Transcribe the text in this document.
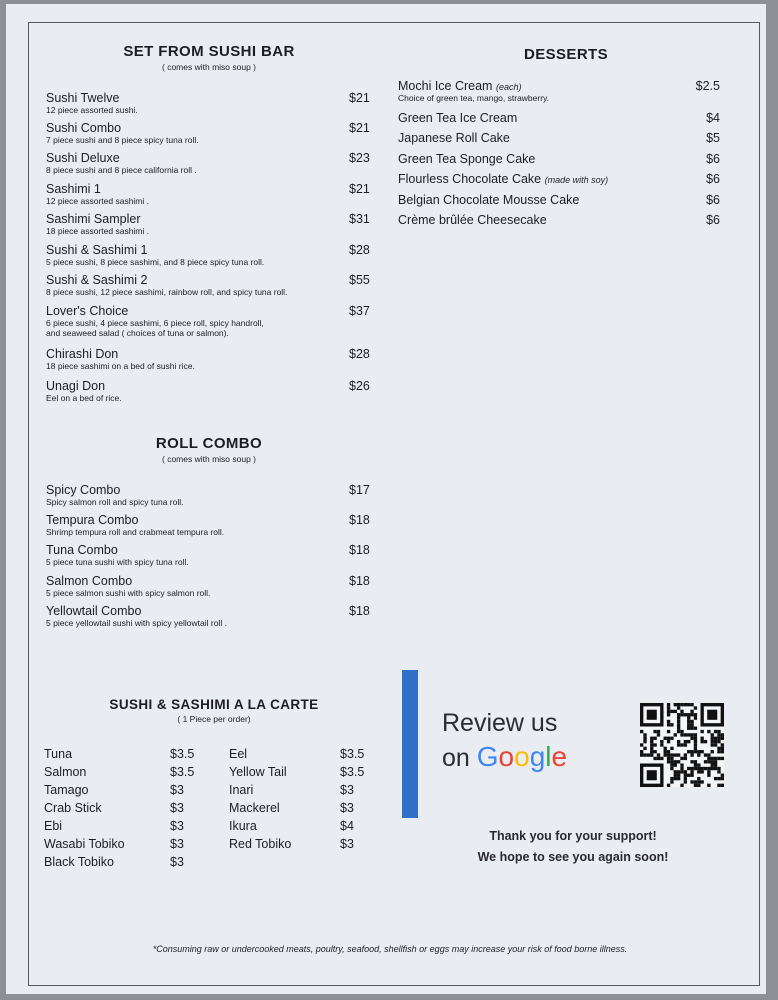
SET FROM SUSHI BAR
( comes with miso soup )
Sushi Twelve
12 piece assorted sushi.
$21
Sushi Combo
7 piece sushi and 8 piece spicy tuna roll.
$21
Sushi Deluxe
8 piece sushi and 8 piece california roll .
$23
Sashimi 1
12 piece assorted sashimi .
$21
Sashimi Sampler
18 piece assorted sashimi .
$31
Sushi & Sashimi 1
5 piece sushi, 8 piece sashimi, and 8 piece spicy tuna roll.
$28
Sushi & Sashimi 2
8 piece sushi, 12 piece sashimi, rainbow roll, and spicy tuna roll.
$55
Lover's Choice
6 piece sushi, 4 piece sashimi, 6 piece roll, spicy handroll,
and seaweed salad ( choices of tuna or salmon).
$37
Chirashi Don
18 piece sashimi on a bed of sushi rice.
$28
Unagi Don
Eel on a bed of rice.
$26
ROLL COMBO
( comes with miso soup )
Spicy Combo
Spicy salmon roll and spicy tuna roll.
$17
Tempura Combo
Shrimp tempura roll and crabmeat tempura roll.
$18
Tuna Combo
5 piece tuna sushi with spicy tuna roll.
$18
Salmon Combo
5 piece salmon sushi with spicy salmon roll.
$18
Yellowtail Combo
5 piece yellowtail sushi with spicy yellowtail roll .
$18
SUSHI & SASHIMI A LA CARTE
( 1 Piece per order)
Tuna	$3.5
Salmon	$3.5
Tamago	$3
Crab Stick	$3
Ebi	$3
Wasabi Tobiko	$3
Black Tobiko	$3
Eel	$3.5
Yellow Tail	$3.5
Inari	$3
Mackerel	$3
Ikura	$4
Red Tobiko	$3
DESSERTS
Mochi Ice Cream (each)
Choice of green tea, mango, strawberry.
$2.5
Green Tea Ice Cream	$4
Japanese Roll Cake	$5
Green Tea Sponge Cake	$6
Flourless Chocolate Cake (made with soy)	$6
Belgian Chocolate Mousse Cake	$6
Crème brûlée Cheesecake	$6
Review us
on Google
Thank you for your support!
We hope to see you again soon!
*Consuming raw or undercooked meats, poultry, seafood, shellfish or eggs may increase your risk of food borne illness.
